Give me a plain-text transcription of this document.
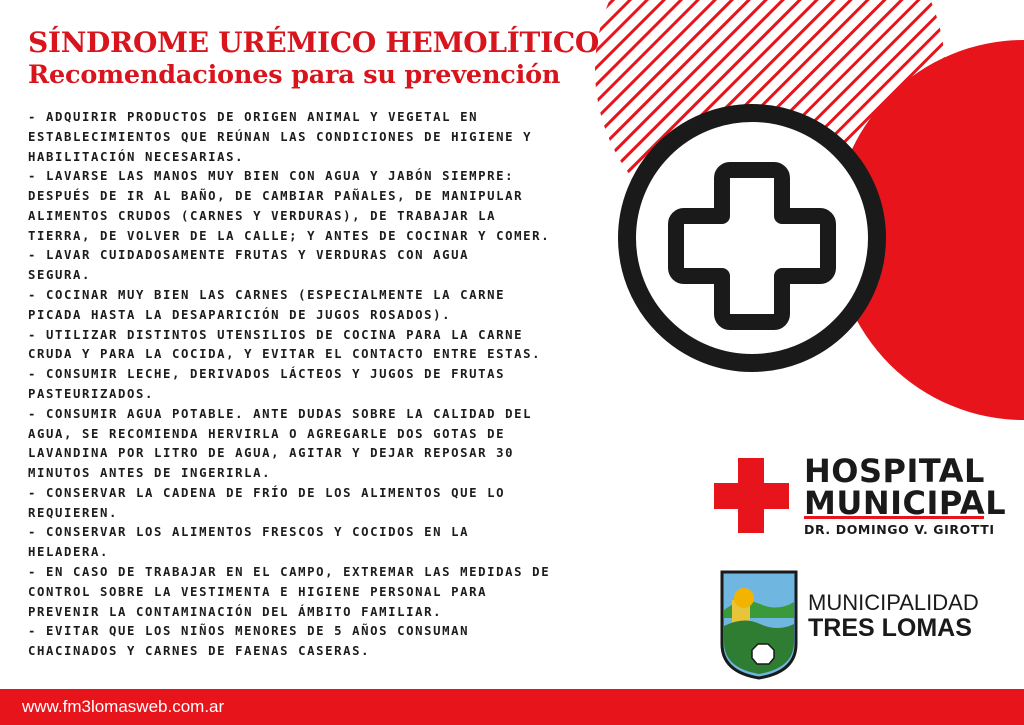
SÍNDROME URÉMICO HEMOLÍTICO
Recomendaciones para su prevención
- ADQUIRIR PRODUCTOS DE ORIGEN ANIMAL Y VEGETAL EN
ESTABLECIMIENTOS QUE REÚNAN LAS CONDICIONES DE HIGIENE Y
HABILITACIÓN NECESARIAS.
- LAVARSE LAS MANOS MUY BIEN CON AGUA Y JABÓN SIEMPRE:
DESPUÉS DE IR AL BAÑO, DE CAMBIAR PAÑALES, DE MANIPULAR
ALIMENTOS CRUDOS (CARNES Y VERDURAS), DE TRABAJAR LA
TIERRA, DE VOLVER DE LA CALLE; Y ANTES DE COCINAR Y COMER.
- LAVAR CUIDADOSAMENTE FRUTAS Y VERDURAS CON AGUA
SEGURA.
- COCINAR MUY BIEN LAS CARNES (ESPECIALMENTE LA CARNE
PICADA HASTA LA DESAPARICIÓN DE JUGOS ROSADOS).
- UTILIZAR DISTINTOS UTENSILIOS DE COCINA PARA LA CARNE
CRUDA Y PARA LA COCIDA, Y EVITAR EL CONTACTO ENTRE ESTAS.
- CONSUMIR LECHE, DERIVADOS LÁCTEOS Y JUGOS DE FRUTAS
PASTEURIZADOS.
- CONSUMIR AGUA POTABLE. ANTE DUDAS SOBRE LA CALIDAD DEL
AGUA, SE RECOMIENDA HERVIRLA O AGREGARLE DOS GOTAS DE
LAVANDINA POR LITRO DE AGUA, AGITAR Y DEJAR REPOSAR 30
MINUTOS ANTES DE INGERIRLA.
- CONSERVAR LA CADENA DE FRÍO DE LOS ALIMENTOS QUE LO
REQUIEREN.
- CONSERVAR LOS ALIMENTOS FRESCOS Y COCIDOS EN LA
HELADERA.
- EN CASO DE TRABAJAR EN EL CAMPO, EXTREMAR LAS MEDIDAS DE
CONTROL SOBRE LA VESTIMENTA E HIGIENE PERSONAL PARA
PREVENIR LA CONTAMINACIÓN DEL ÁMBITO FAMILIAR.
- EVITAR QUE LOS NIÑOS MENORES DE 5 AÑOS CONSUMAN
CHACINADOS Y CARNES DE FAENAS CASERAS.
HOSPITAL
MUNICIPAL
DR. DOMINGO V. GIROTTI
MUNICIPALIDAD
TRES LOMAS
www.fm3lomasweb.com.ar
